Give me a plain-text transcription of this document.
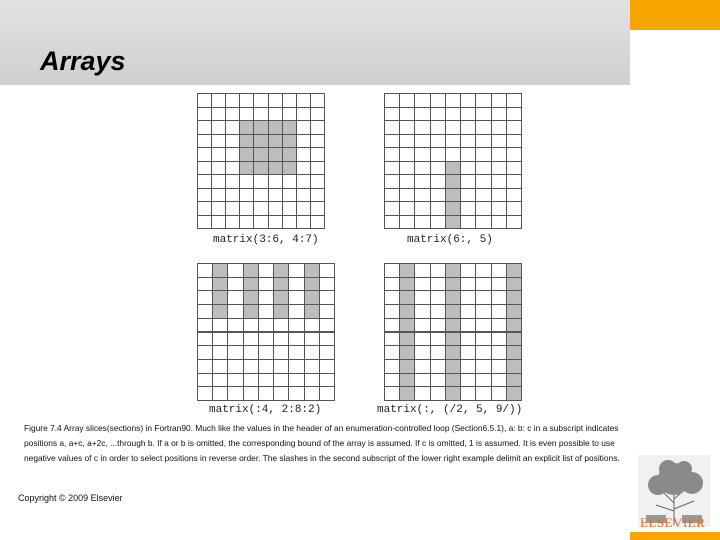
Arrays
matrix(3:6, 4:7)	matrix(6:, 5)
matrix(:4, 2:8:2)	matrix(:, (/2, 5, 9/))
Figure 7.4 Array slices(sections) in Fortran90. Much like the values in the header of an enumeration-controlled loop (Section6.5.1), a: b: c in a subscript indicates positions a, a+c, a+2c, ...through b. If a or b is omitted, the corresponding bound of the array is assumed. If c is omitted, 1 is assumed. It is even possible to use negative values of c in order to select positions in reverse order. The slashes in the second subscript of the lower right example delimit an explicit list of positions.
Copyright © 2009 Elsevier
ELSEVIER
